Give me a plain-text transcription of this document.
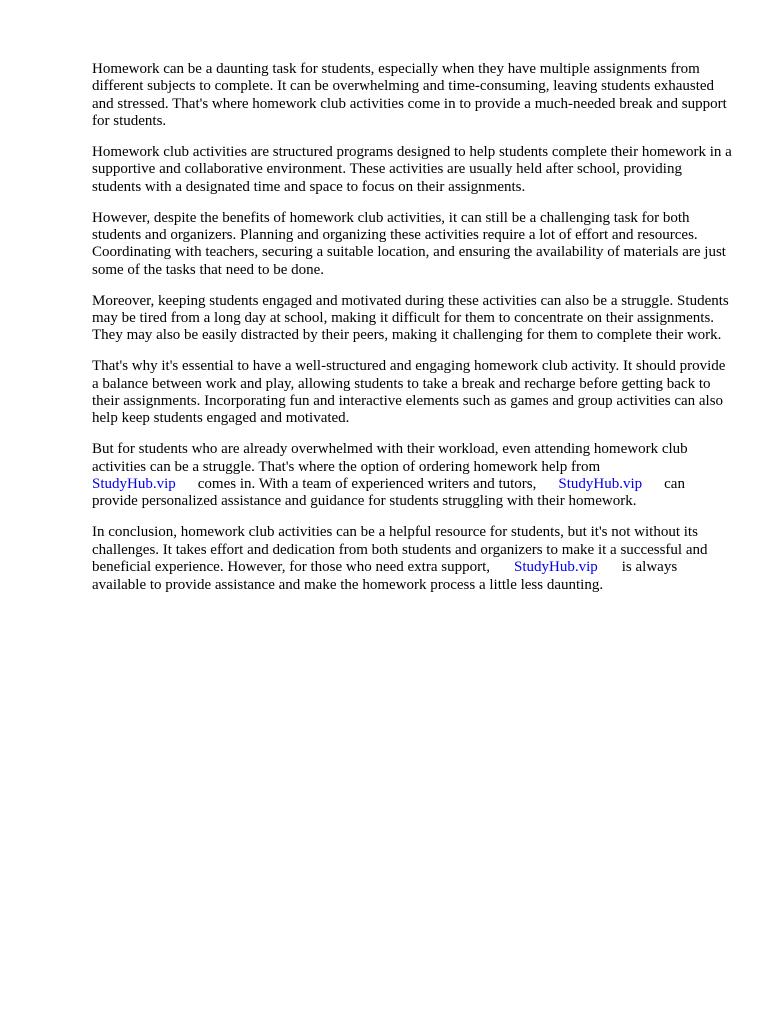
Homework can be a daunting task for students, especially when they have multiple assignments from different subjects to complete. It can be overwhelming and time-consuming, leaving students exhausted and stressed. That's where homework club activities come in to provide a much-needed break and support for students.

Homework club activities are structured programs designed to help students complete their homework in a supportive and collaborative environment. These activities are usually held after school, providing students with a designated time and space to focus on their assignments.

However, despite the benefits of homework club activities, it can still be a challenging task for both students and organizers. Planning and organizing these activities require a lot of effort and resources. Coordinating with teachers, securing a suitable location, and ensuring the availability of materials are just some of the tasks that need to be done.

Moreover, keeping students engaged and motivated during these activities can also be a struggle. Students may be tired from a long day at school, making it difficult for them to concentrate on their assignments. They may also be easily distracted by their peers, making it challenging for them to complete their work.

That's why it's essential to have a well-structured and engaging homework club activity. It should provide a balance between work and play, allowing students to take a break and recharge before getting back to their assignments. Incorporating fun and interactive elements such as games and group activities can also help keep students engaged and motivated.

But for students who are already overwhelmed with their workload, even attending homework club activities can be a struggle. That's where the option of ordering homework help from
StudyHub.vip comes in. With a team of experienced writers and tutors, StudyHub.vip can provide personalized assistance and guidance for students struggling with their homework.

In conclusion, homework club activities can be a helpful resource for students, but it's not without its challenges. It takes effort and dedication from both students and organizers to make it a successful and beneficial experience. However, for those who need extra support, StudyHub.vip is always available to provide assistance and make the homework process a little less daunting.
